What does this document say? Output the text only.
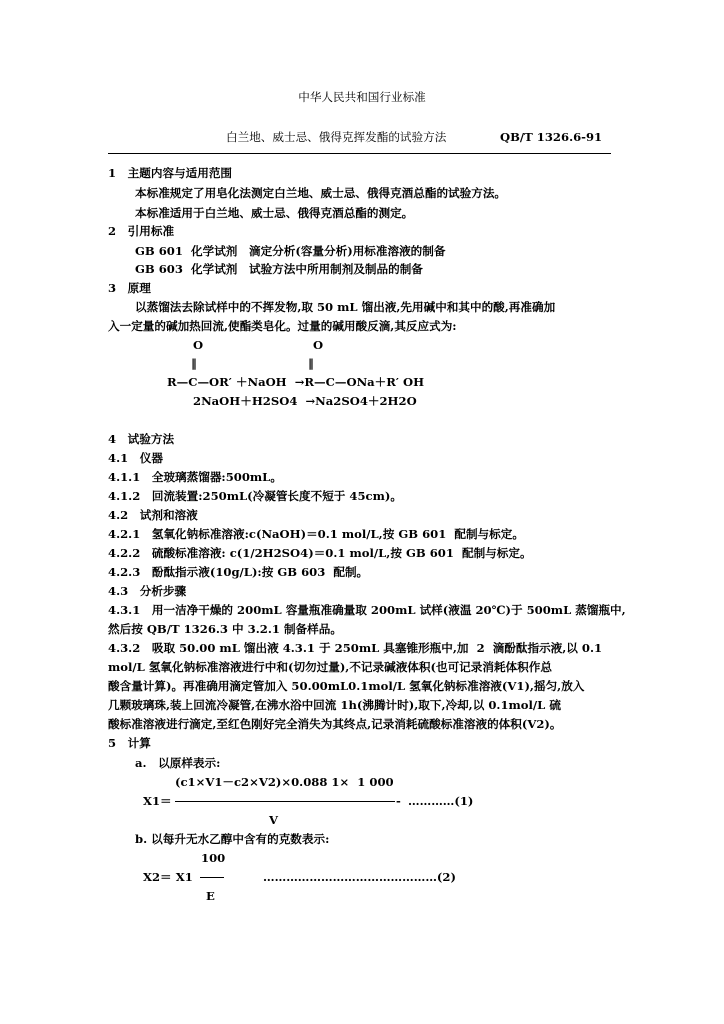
中华人民共和国行业标准
白兰地、威士忌、俄得克挥发酯的试验方法	QB/T 1326.6-91
1　主题内容与适用范围
本标准规定了用皂化法测定白兰地、威士忌、俄得克酒总酯的试验方法。
本标准适用于白兰地、威士忌、俄得克酒总酯的测定。
2　引用标准
GB 601  化学试剂　滴定分析(容量分析)用标准溶液的制备
GB 603  化学试剂　试验方法中所用制剂及制品的制备
3　原理
以蒸馏法去除试样中的不挥发物,取 50 mL 馏出液,先用碱中和其中的酸,再准确加
入一定量的碱加热回流,使酯类皂化。过量的碱用酸反滴,其反应式为:
O	O
‖	‖
R—C—OR′ ＋NaOH  →R—C—ONa＋R′ OH
2NaOH＋H2SO4  →Na2SO4＋2H2O
4　试验方法
4.1　仪器
4.1.1　全玻璃蒸馏器:500mL。
4.1.2　回流装置:250mL(冷凝管长度不短于 45cm)。
4.2　试剂和溶液
4.2.1　氢氧化钠标准溶液:c(NaOH)＝0.1 mol/L,按 GB 601  配制与标定。
4.2.2　硫酸标准溶液: c(1/2H2SO4)＝0.1 mol/L,按 GB 601  配制与标定。
4.2.3　酚酞指示液(10g/L):按 GB 603  配制。
4.3　分析步骤
4.3.1　用一洁净干燥的 200mL 容量瓶准确量取 200mL 试样(液温 20℃)于 500mL 蒸馏瓶中,
然后按 QB/T 1326.3 中 3.2.1 制备样品。
4.3.2　吸取 50.00 mL 馏出液 4.3.1 于 250mL 具塞锥形瓶中,加  2  滴酚酞指示液,以 0.1
mol/L 氢氧化钠标准溶液进行中和(切勿过量),不记录碱液体积(也可记录消耗体积作总
酸含量计算)。再准确用滴定管加入 50.00mL0.1mol/L 氢氧化钠标准溶液(V1),摇匀,放入
几颗玻璃珠,装上回流冷凝管,在沸水浴中回流 1h(沸腾计时),取下,冷却,以 0.1mol/L 硫
酸标准溶液进行滴定,至红色刚好完全消失为其终点,记录消耗硫酸标准溶液的体积(V2)。
5　计算
a.　以原样表示:
(c1×V1－c2×V2)×0.088 1×  1 000
X1＝	- …………(1)
V
b. 以每升无水乙醇中含有的克数表示:
100
X2＝ X1	………………………………………(2)
E
